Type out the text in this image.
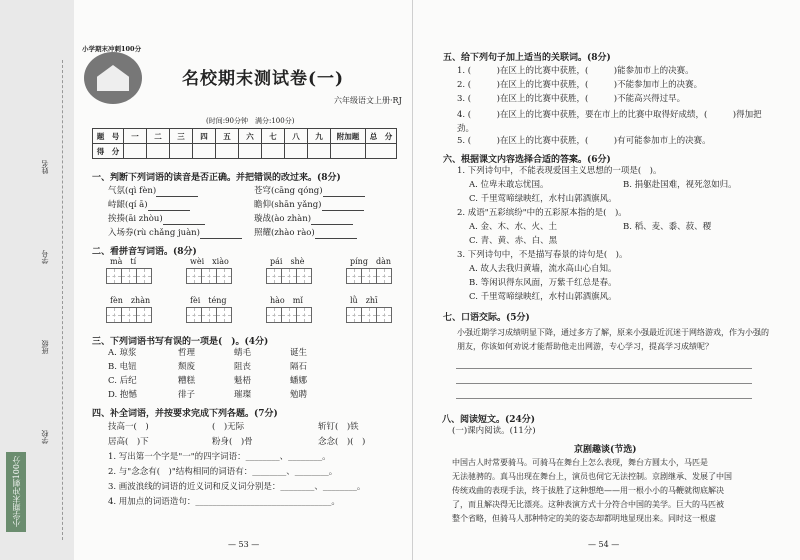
姓名
学号
班级
学校
小学期末冲刺100分
小学期末冲刺100分
名校期末测试卷(一)
六年级语文上册·RJ
(时间:90分钟　满分:100分)
题　号	一	二	三	四	五	六	七	八	九	附加题	总　分
得　分											
一、判断下列词语的读音是否正确。并把错误的改过来。(8分)
气氛(qì fèn)	苍穹(cāng qóng)
峙龈(qí ā)	瞻仰(shān yǎng)
挨揍(āi zhòu)	璇战(ào zhàn)
入场券(rù chǎng juàn)	照耀(zhào rào)
二、看拼音写词语。(8分)
mà　tí	wèi　xiào	pái　shè	píng　dàn
fèn　zhàn	fèi　téng	hào　mǐ	lǜ　zhī
三、下列词语书写有误的一项是(　)。(4分)
A. 琼浆	哲理	蜻毛	诞生
B. 电钮	颓废	阻丧	隔石
C. 后纪	糟糕	魁梧	蟠娜
D. 抱憾	徘子	璀璨	勉聘
四、补全词语，并按要求完成下列各题。(7分)
技高一(　)	(　)无际	斩钉(　)铁
居高(　)下	粉身(　)骨	念念(　)(　)
1. 写出第一个字是"一"的四字词语：________、________。
2. 与"念念有(　)"结构相同的词语有：________、________。
3. 画波浪线的词语的近义词和反义词分别是：________、________。
4. 用加点的词语造句：________________________________。
— 53 —
五、给下列句子加上适当的关联词。(8分)
1. (　　　)在区上的比赛中获胜，(　　　)能参加市上的决赛。
2. (　　　)在区上的比赛中获胜，(　　　)不能参加市上的决赛。
3. (　　　)在区上的比赛中获胜，(　　　)不能高兴得过早。
4. (　　　)在区上的比赛中获胜，要在市上的比赛中取得好成绩，(　　　)得加把劲。
5. (　　　)在区上的比赛中获胜，(　　　)有可能参加市上的决赛。
六、根据课文内容选择合适的答案。(6分)
1. 下列诗句中，不能表现爱国主义思想的一项是(　)。
A. 位卑未敢忘忧国。	B. 捐躯赴国难，视死忽如归。
C. 千里莺啼绿映红，水村山郭酒旗风。
2. 成语"五彩缤纷"中的五彩原本指的是(　)。
A. 金、木、水、火、土	B. 稻、麦、黍、菽、稷
C. 青、黄、赤、白、黑
3. 下列诗句中，不是描写春景的诗句是(　)。
A. 故人去我归黄墙，流水高山心自知。
B. 等闲识得东风面，万紫千红总是春。
C. 千里莺啼绿映红，水村山郭酒旗风。
七、口语交际。(5分)
小强近期学习成绩明显下降，通过多方了解，原来小强最近沉迷于网络游戏，作为小强的朋友，你该如何劝说才能帮助他走出网游，专心学习，提高学习成绩呢？
八、阅读短文。(24分)
(一)课内阅读。(11分)
京剧趣谈(节选)
中国古人时常要骑马。可骑马在舞台上怎么表现，舞台方圆太小，马匹是
无法驰骋的。真马出现在舞台上，演员也伺它无法控制。京剧继承、发展了中国
传统戏曲的表现手法，终于拔胜了这种想绝——用一根小小的马鞭就彻底解决
了，而且解决得无比漂亮。这种表演方式十分符合中国的美学。巨大的马匹被
整个省略，但骑马人那种特定的美的姿态却都明地显现出来。同时这一根虚
— 54 —
